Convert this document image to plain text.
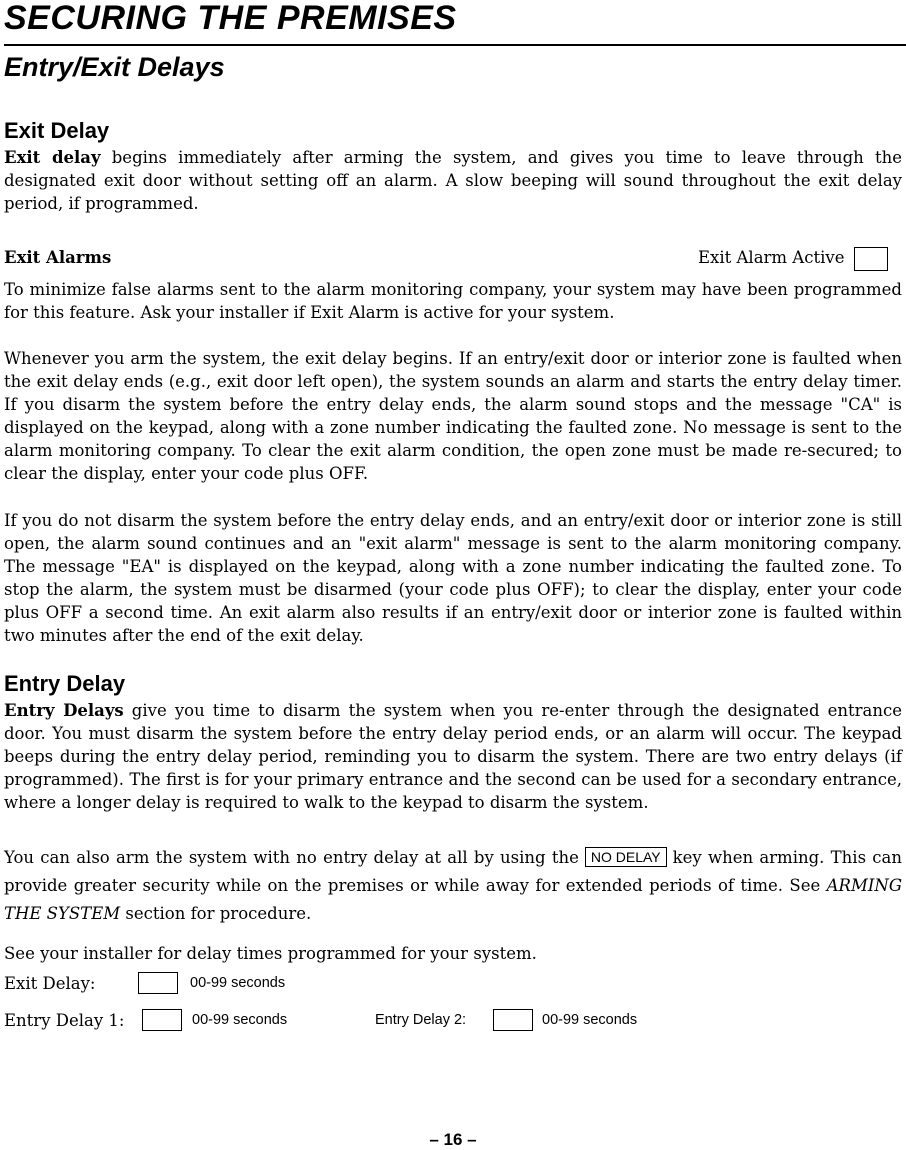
SECURING THE PREMISES
Entry/Exit Delays
Exit Delay

Exit delay begins immediately after arming the system, and gives you time to leave through the designated exit door without setting off an alarm. A slow beeping will sound throughout the exit delay period, if programmed.

Exit Alarms	Exit Alarm Active

To minimize false alarms sent to the alarm monitoring company, your system may have been programmed for this feature. Ask your installer if Exit Alarm is active for your system.

Whenever you arm the system, the exit delay begins. If an entry/exit door or interior zone is faulted when the exit delay ends (e.g., exit door left open), the system sounds an alarm and starts the entry delay timer. If you disarm the system before the entry delay ends, the alarm sound stops and the message "CA" is displayed on the keypad, along with a zone number indicating the faulted zone. No message is sent to the alarm monitoring company. To clear the exit alarm condition, the open zone must be made re-secured; to clear the display, enter your code plus OFF.

If you do not disarm the system before the entry delay ends, and an entry/exit door or interior zone is still open, the alarm sound continues and an "exit alarm" message is sent to the alarm monitoring company. The message "EA" is displayed on the keypad, along with a zone number indicating the faulted zone. To stop the alarm, the system must be disarmed (your code plus OFF); to clear the display, enter your code plus OFF a second time. An exit alarm also results if an entry/exit door or interior zone is faulted within two minutes after the end of the exit delay.

Entry Delay

Entry Delays give you time to disarm the system when you re-enter through the designated entrance door. You must disarm the system before the entry delay period ends, or an alarm will occur. The keypad beeps during the entry delay period, reminding you to disarm the system. There are two entry delays (if programmed). The first is for your primary entrance and the second can be used for a secondary entrance, where a longer delay is required to walk to the keypad to disarm the system.

You can also arm the system with no entry delay at all by using the NO DELAY key when arming. This can provide greater security while on the premises or while away for extended periods of time. See ARMING THE SYSTEM section for procedure.

See your installer for delay times programmed for your system.
Exit Delay:	00-99 seconds
Entry Delay 1:	00-99 seconds	Entry Delay 2:	00-99 seconds
– 16 –
